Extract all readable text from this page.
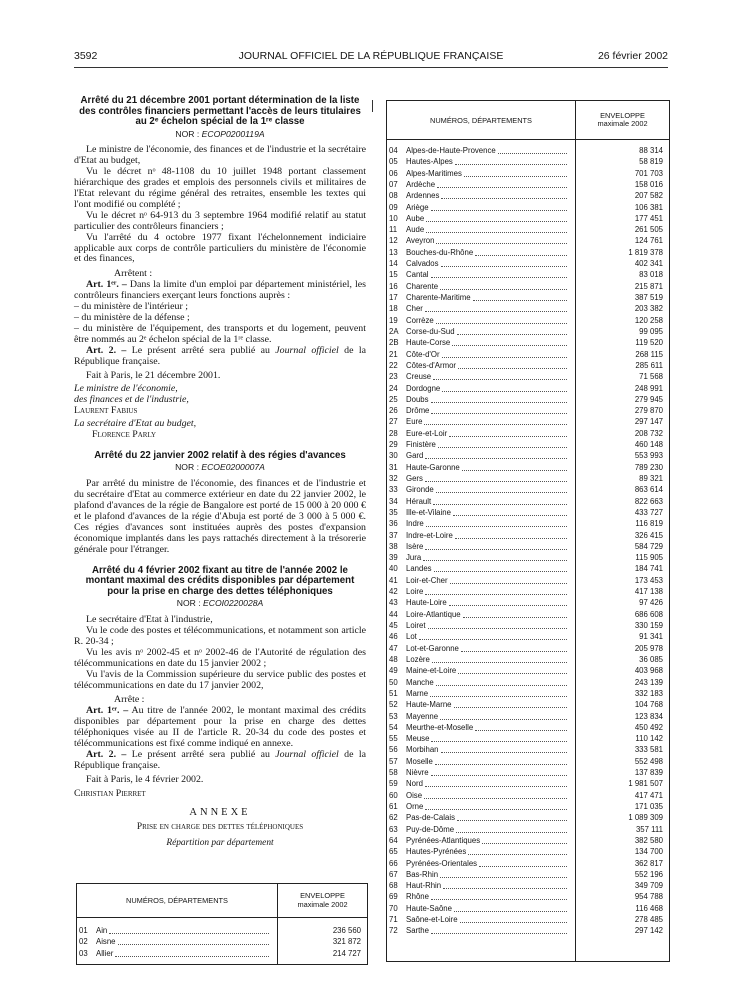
JOURNAL OFFICIEL DE LA RÉPUBLIQUE FRANÇAISE
3592	26 février 2002
Arrêté du 21 décembre 2001 portant détermination de la liste des contrôles financiers permettant l'accès de leurs titulaires au 2ᵉ échelon spécial de la 1ʳᵉ classe
NOR : ECOP0200119A

Le ministre de l'économie, des finances et de l'industrie et la secrétaire d'Etat au budget,

Vu le décret nᵒ 48-1108 du 10 juillet 1948 portant classement hiérarchique des grades et emplois des personnels civils et militaires de l'Etat relevant du régime général des retraites, ensemble les textes qui l'ont modifié ou complété ;

Vu le décret nᵒ 64-913 du 3 septembre 1964 modifié relatif au statut particulier des contrôleurs financiers ;

Vu l'arrêté du 4 octobre 1977 fixant l'échelonnement indiciaire applicable aux corps de contrôle particuliers du ministère de l'économie et des finances,

Arrêtent :

Art. 1ᵉʳ. – Dans la limite d'un emploi par département ministériel, les contrôleurs financiers exerçant leurs fonctions auprès :

– du ministère de l'intérieur ;

– du ministère de la défense ;

– du ministère de l'équipement, des transports et du logement, peuvent être nommés au 2ᵉ échelon spécial de la 1ʳᵉ classe.

Art. 2. – Le présent arrêté sera publié au Journal officiel de la République française.

Fait à Paris, le 21 décembre 2001.

Le ministre de l'économie,

des finances et de l'industrie,

Laurent Fabius

La secrétaire d'Etat au budget,

Florence Parly

Arrêté du 22 janvier 2002 relatif à des régies d'avances
NOR : ECOE0200007A

Par arrêté du ministre de l'économie, des finances et de l'industrie et du secrétaire d'Etat au commerce extérieur en date du 22 janvier 2002, le plafond d'avances de la régie de Bangalore est porté de 15 000 à 20 000 € et le plafond d'avances de la régie d'Abuja est porté de 3 000 à 5 000 €. Ces régies d'avances sont instituées auprès des postes d'expansion économique implantés dans les pays rattachés directement à la trésorerie générale pour l'étranger.

Arrêté du 4 février 2002 fixant au titre de l'année 2002 le montant maximal des crédits disponibles par département pour la prise en charge des dettes téléphoniques
NOR : ECOI0220028A

Le secrétaire d'Etat à l'industrie,

Vu le code des postes et télécommunications, et notamment son article R. 20-34 ;

Vu les avis nᵒ 2002-45 et nᵒ 2002-46 de l'Autorité de régulation des télécommunications en date du 15 janvier 2002 ;

Vu l'avis de la Commission supérieure du service public des postes et télécommunications en date du 17 janvier 2002,

Arrête :

Art. 1ᵉʳ. – Au titre de l'année 2002, le montant maximal des crédits disponibles par département pour la prise en charge des dettes téléphoniques visée au II de l'article R. 20-34 du code des postes et télécommunications est fixé comme indiqué en annexe.

Art. 2. – Le présent arrêté sera publié au Journal officiel de la République française.

Fait à Paris, le 4 février 2002.

Christian Pierret

ANNEXE
Prise en charge des dettes téléphoniques
Répartition par département
NUMÉROS, DÉPARTEMENTS
ENVELOPPE
maximale 2002
01	Ain	236 560
02	Aisne	321 872
03	Allier	214 727
NUMÉROS, DÉPARTEMENTS
ENVELOPPE
maximale 2002
04	Alpes-de-Haute-Provence	88 314
05	Hautes-Alpes	58 819
06	Alpes-Maritimes	701 703
07	Ardèche	158 016
08	Ardennes	207 582
09	Ariège	106 381
10	Aube	177 451
11	Aude	261 505
12	Aveyron	124 761
13	Bouches-du-Rhône	1 819 378
14	Calvados	402 341
15	Cantal	83 018
16	Charente	215 871
17	Charente-Maritime	387 519
18	Cher	203 382
19	Corrèze	120 258
2A Corse-du-Sud	99 095
2B Haute-Corse	119 520
21	Côte-d'Or	268 115
22	Côtes-d'Armor	285 611
23	Creuse	71 568
24	Dordogne	248 991
25	Doubs	279 945
26	Drôme	279 870
27	Eure	297 147
28	Eure-et-Loir	208 732
29	Finistère	460 148
30	Gard	553 993
31	Haute-Garonne	789 230
32	Gers	89 321
33	Gironde	863 614
34	Hérault	822 663
35	Ille-et-Vilaine	433 727
36	Indre	116 819
37	Indre-et-Loire	326 415
38	Isère	584 729
39	Jura	115 905
40	Landes	184 741
41	Loir-et-Cher	173 453
42	Loire	417 138
43	Haute-Loire	97 426
44	Loire-Atlantique	686 608
45	Loiret	330 159
46	Lot	91 341
47	Lot-et-Garonne	205 978
48	Lozère	36 085
49	Maine-et-Loire	403 968
50	Manche	243 139
51	Marne	332 183
52	Haute-Marne	104 768
53	Mayenne	123 834
54	Meurthe-et-Moselle	450 492
55	Meuse	110 142
56	Morbihan	333 581
57	Moselle	552 498
58	Nièvre	137 839
59	Nord	1 981 507
60	Oise	417 471
61	Orne	171 035
62	Pas-de-Calais	1 089 309
63	Puy-de-Dôme	357 111
64	Pyrénées-Atlantiques	382 580
65	Hautes-Pyrénées	134 700
66	Pyrénées-Orientales	362 817
67	Bas-Rhin	552 196
68	Haut-Rhin	349 709
69	Rhône	954 788
70	Haute-Saône	116 468
71	Saône-et-Loire	278 485
72	Sarthe	297 142
